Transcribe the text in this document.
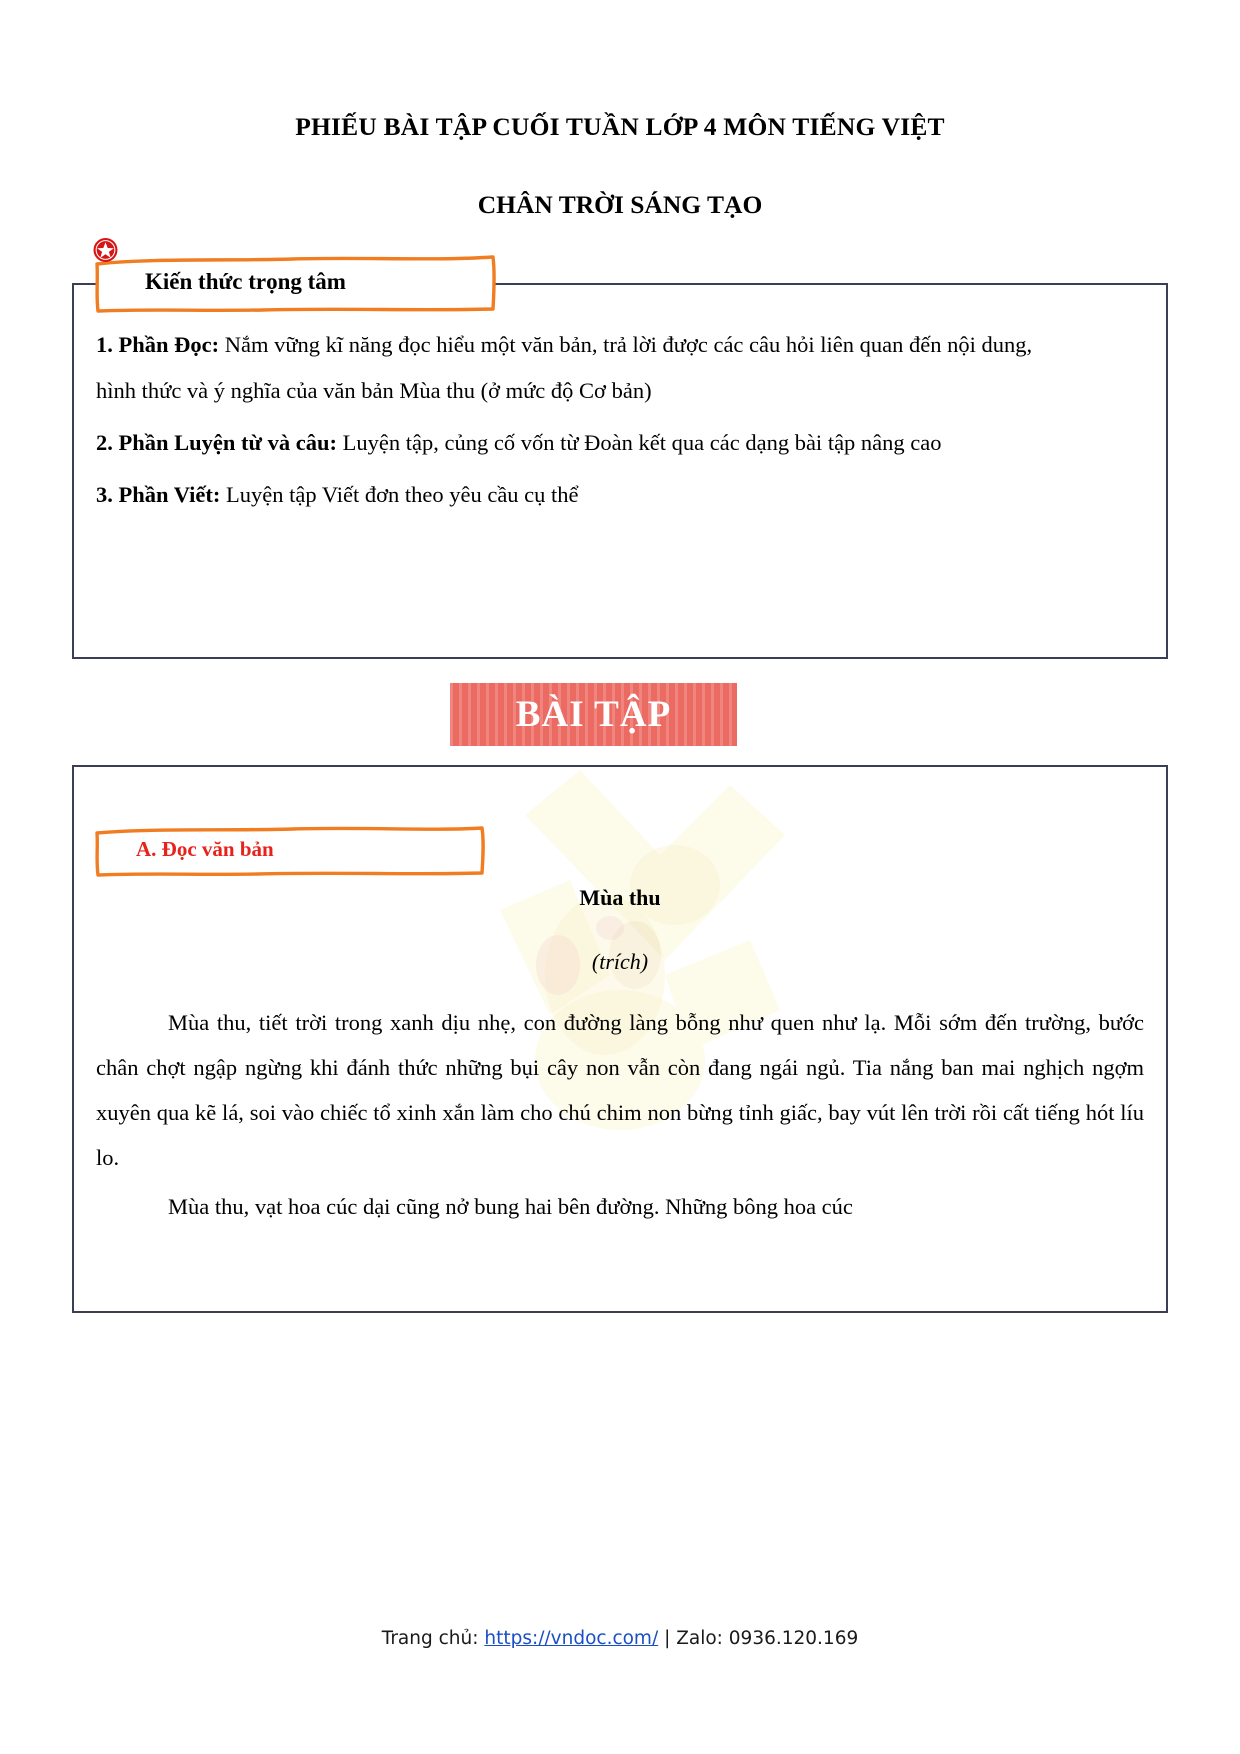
PHIẾU BÀI TẬP CUỐI TUẦN LỚP 4 MÔN TIẾNG VIỆT
CHÂN TRỜI SÁNG TẠO
Kiến thức trọng tâm

1. Phần Đọc: Nắm vững kĩ năng đọc hiểu một văn bản, trả lời được các câu hỏi liên quan đến nội dung, hình thức và ý nghĩa của văn bản Mùa thu (ở mức độ Cơ bản)

2. Phần Luyện từ và câu: Luyện tập, củng cố vốn từ Đoàn kết qua các dạng bài tập nâng cao

3. Phần Viết: Luyện tập Viết đơn theo yêu cầu cụ thể

BÀI TẬP
A. Đọc văn bản
Mùa thu
(trích)

Mùa thu, tiết trời trong xanh dịu nhẹ, con đường làng bỗng như quen như lạ. Mỗi sớm đến trường, bước chân chợt ngập ngừng khi đánh thức những bụi cây non vẫn còn đang ngái ngủ. Tia nắng ban mai nghịch ngợm xuyên qua kẽ lá, soi vào chiếc tổ xinh xắn làm cho chú chim non bừng tỉnh giấc, bay vút lên trời rồi cất tiếng hót líu lo.

Mùa thu, vạt hoa cúc dại cũng nở bung hai bên đường. Những bông hoa cúc

Trang chủ: https://vndoc.com/ | Zalo: 0936.120.169
